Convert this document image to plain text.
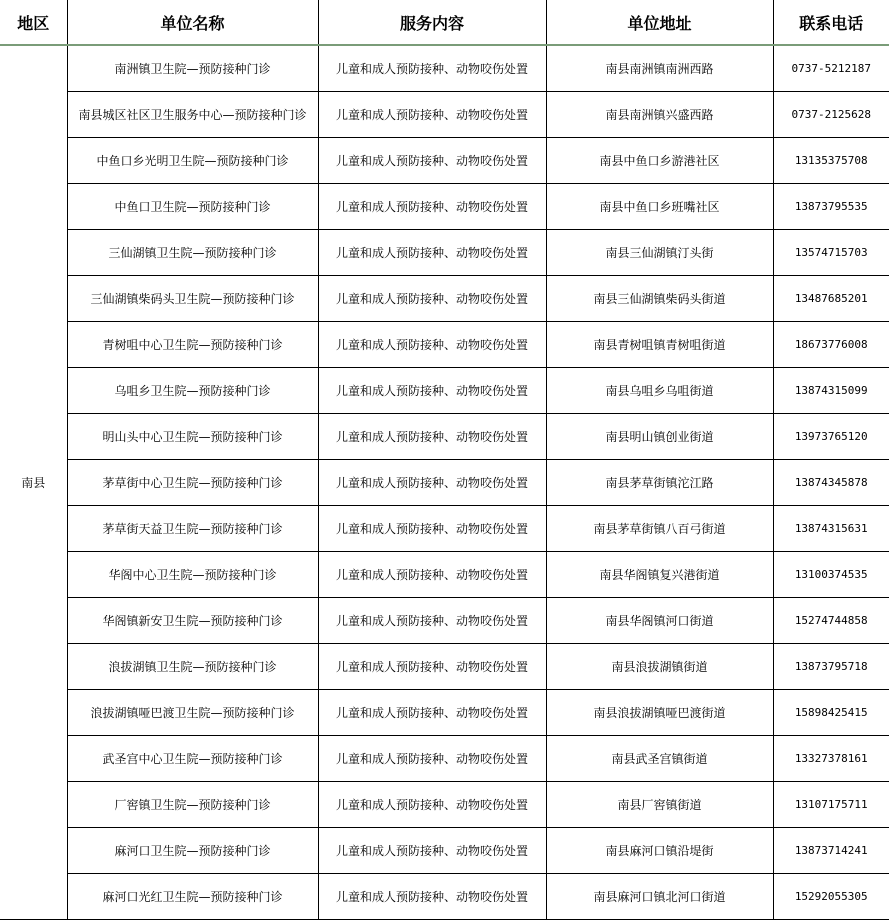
地区	单位名称	服务内容	单位地址	联系电话
南县	南洲镇卫生院—预防接种门诊	儿童和成人预防接种、动物咬伤处置	南县南洲镇南洲西路	0737-5212187
	南县城区社区卫生服务中心—预防接种门诊	儿童和成人预防接种、动物咬伤处置	南县南洲镇兴盛西路	0737-2125628
	中鱼口乡光明卫生院—预防接种门诊	儿童和成人预防接种、动物咬伤处置	南县中鱼口乡游港社区	13135375708
	中鱼口卫生院—预防接种门诊	儿童和成人预防接种、动物咬伤处置	南县中鱼口乡班嘴社区	13873795535
	三仙湖镇卫生院—预防接种门诊	儿童和成人预防接种、动物咬伤处置	南县三仙湖镇汀头街	13574715703
	三仙湖镇柴码头卫生院—预防接种门诊	儿童和成人预防接种、动物咬伤处置	南县三仙湖镇柴码头街道	13487685201
	青树咀中心卫生院—预防接种门诊	儿童和成人预防接种、动物咬伤处置	南县青树咀镇青树咀街道	18673776008
	乌咀乡卫生院—预防接种门诊	儿童和成人预防接种、动物咬伤处置	南县乌咀乡乌咀街道	13874315099
	明山头中心卫生院—预防接种门诊	儿童和成人预防接种、动物咬伤处置	南县明山镇创业街道	13973765120
	茅草街中心卫生院—预防接种门诊	儿童和成人预防接种、动物咬伤处置	南县茅草街镇沱江路	13874345878
	茅草街天益卫生院—预防接种门诊	儿童和成人预防接种、动物咬伤处置	南县茅草街镇八百弓街道	13874315631
	华阁中心卫生院—预防接种门诊	儿童和成人预防接种、动物咬伤处置	南县华阁镇复兴港街道	13100374535
	华阁镇新安卫生院—预防接种门诊	儿童和成人预防接种、动物咬伤处置	南县华阁镇河口街道	15274744858
	浪拔湖镇卫生院—预防接种门诊	儿童和成人预防接种、动物咬伤处置	南县浪拔湖镇街道	13873795718
	浪拔湖镇哑巴渡卫生院—预防接种门诊	儿童和成人预防接种、动物咬伤处置	南县浪拔湖镇哑巴渡街道	15898425415
	武圣宫中心卫生院—预防接种门诊	儿童和成人预防接种、动物咬伤处置	南县武圣宫镇街道	13327378161
	厂窖镇卫生院—预防接种门诊	儿童和成人预防接种、动物咬伤处置	南县厂窖镇街道	13107175711
	麻河口卫生院—预防接种门诊	儿童和成人预防接种、动物咬伤处置	南县麻河口镇沿堤街	13873714241
	麻河口光红卫生院—预防接种门诊	儿童和成人预防接种、动物咬伤处置	南县麻河口镇北河口街道	15292055305
